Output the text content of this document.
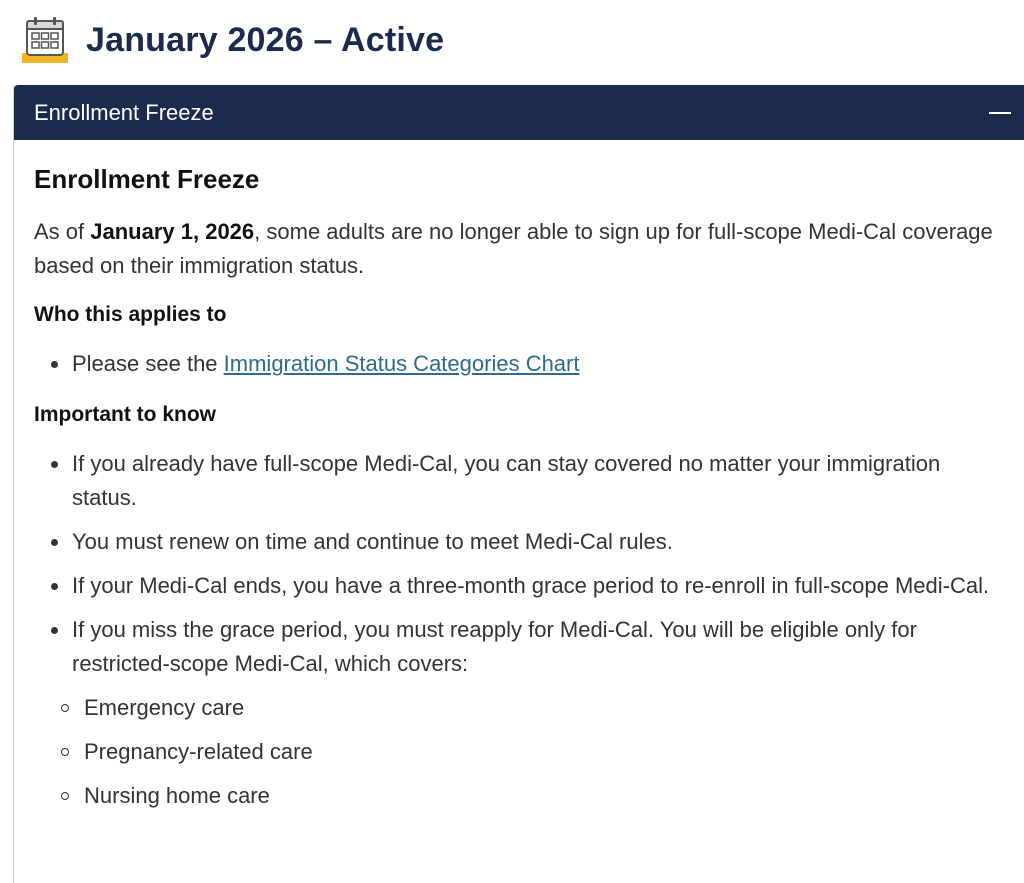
January 2026 – Active
Enrollment Freeze
Enrollment Freeze

As of January 1, 2026, some adults are no longer able to sign up for full-scope Medi-Cal coverage based on their immigration status.

Who this applies to
Please see the Immigration Status Categories Chart
Important to know
If you already have full-scope Medi-Cal, you can stay covered no matter your immigration status.
You must renew on time and continue to meet Medi-Cal rules.
If your Medi-Cal ends, you have a three-month grace period to re-enroll in full-scope Medi-Cal.
If you miss the grace period, you must reapply for Medi-Cal. You will be eligible only for restricted-scope Medi-Cal, which covers:
Emergency care
Pregnancy-related care
Nursing home care
